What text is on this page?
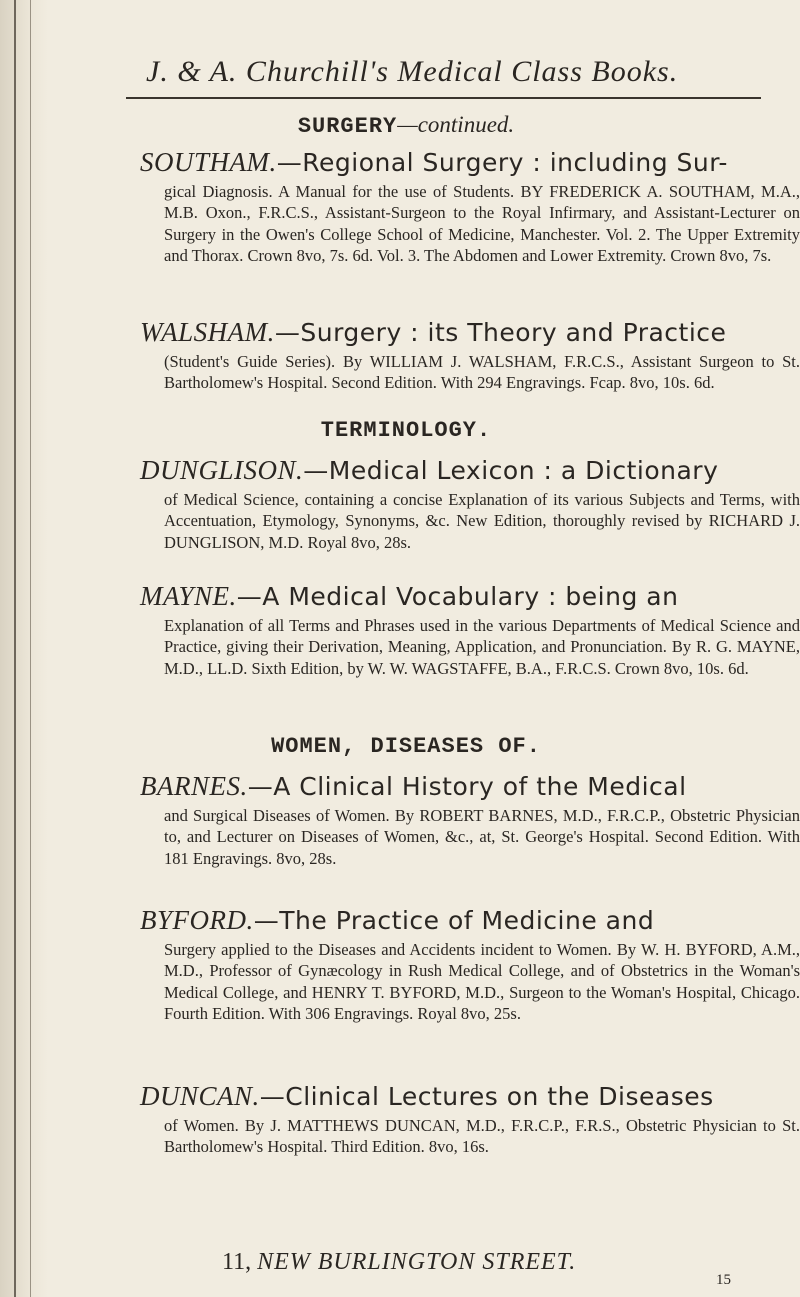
J. & A. Churchill's Medical Class Books.
SURGERY—continued.
SOUTHAM.—Regional Surgery : including Sur-
gical Diagnosis. A Manual for the use of Students. BY FREDERICK A. SOUTHAM, M.A., M.B. Oxon., F.R.C.S., Assistant-Surgeon to the Royal Infirmary, and Assistant-Lecturer on Surgery in the Owen's College School of Medicine, Manchester. Vol. 2. The Upper Extremity and Thorax. Crown 8vo, 7s. 6d. Vol. 3. The Abdomen and Lower Extremity. Crown 8vo, 7s.
WALSHAM.—Surgery : its Theory and Practice
(Student's Guide Series). By WILLIAM J. WALSHAM, F.R.C.S., Assistant Surgeon to St. Bartholomew's Hospital. Second Edition. With 294 Engravings. Fcap. 8vo, 10s. 6d.
TERMINOLOGY.
DUNGLISON.—Medical Lexicon : a Dictionary
of Medical Science, containing a concise Explanation of its various Subjects and Terms, with Accentuation, Etymology, Synonyms, &c. New Edition, thoroughly revised by RICHARD J. DUNGLISON, M.D. Royal 8vo, 28s.
MAYNE.—A Medical Vocabulary : being an
Explanation of all Terms and Phrases used in the various Departments of Medical Science and Practice, giving their Derivation, Meaning, Application, and Pronunciation. By R. G. MAYNE, M.D., LL.D. Sixth Edition, by W. W. WAGSTAFFE, B.A., F.R.C.S. Crown 8vo, 10s. 6d.
WOMEN, DISEASES OF.
BARNES.—A Clinical History of the Medical
and Surgical Diseases of Women. By ROBERT BARNES, M.D., F.R.C.P., Obstetric Physician to, and Lecturer on Diseases of Women, &c., at, St. George's Hospital. Second Edition. With 181 Engravings. 8vo, 28s.
BYFORD.—The Practice of Medicine and
Surgery applied to the Diseases and Accidents incident to Women. By W. H. BYFORD, A.M., M.D., Professor of Gynæcology in Rush Medical College, and of Obstetrics in the Woman's Medical College, and HENRY T. BYFORD, M.D., Surgeon to the Woman's Hospital, Chicago. Fourth Edition. With 306 Engravings. Royal 8vo, 25s.
DUNCAN.—Clinical Lectures on the Diseases
of Women. By J. MATTHEWS DUNCAN, M.D., F.R.C.P., F.R.S., Obstetric Physician to St. Bartholomew's Hospital. Third Edition. 8vo, 16s.
11, NEW BURLINGTON STREET.
15
